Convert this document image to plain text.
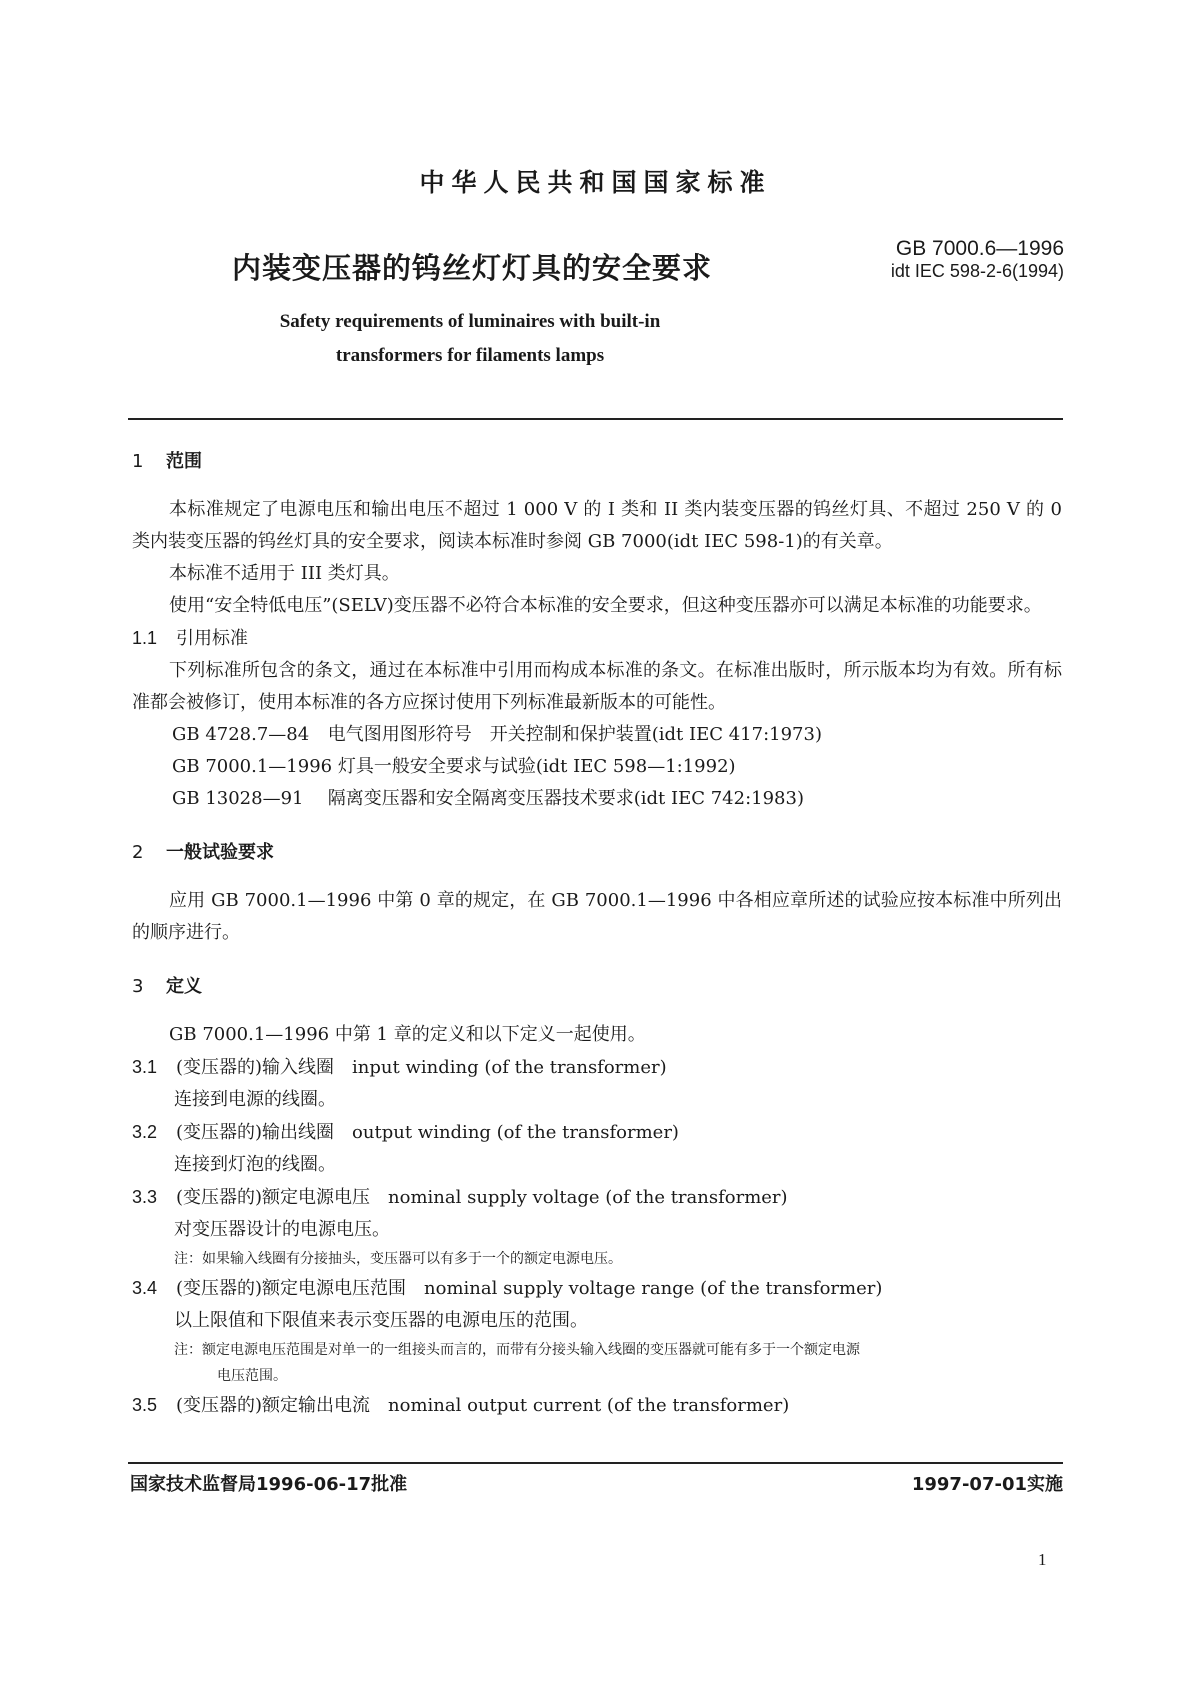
中华人民共和国国家标准
内装变压器的钨丝灯灯具的安全要求
GB 7000.6—1996
idt IEC 598-2-6(1994)
Safety requirements of luminaires with built-in
transformers for filaments lamps
1 范围

本标准规定了电源电压和输出电压不超过 1 000 V 的 I 类和 II 类内装变压器的钨丝灯具、不超过 250 V 的 0 类内装变压器的钨丝灯具的安全要求，阅读本标准时参阅 GB 7000(idt IEC 598-1)的有关章。

本标准不适用于 III 类灯具。

使用“安全特低电压”(SELV)变压器不必符合本标准的安全要求，但这种变压器亦可以满足本标准的功能要求。

1.1 引用标准

下列标准所包含的条文，通过在本标准中引用而构成本标准的条文。在标准出版时，所示版本均为有效。所有标准都会被修订，使用本标准的各方应探讨使用下列标准最新版本的可能性。

GB 4728.7—84 电气图用图形符号　开关控制和保护装置(idt IEC 417:1973)

GB 7000.1—1996 灯具一般安全要求与试验(idt IEC 598—1:1992)

GB 13028—91 隔离变压器和安全隔离变压器技术要求(idt IEC 742:1983)

2 一般试验要求

应用 GB 7000.1—1996 中第 0 章的规定，在 GB 7000.1—1996 中各相应章所述的试验应按本标准中所列出的顺序进行。

3 定义

GB 7000.1—1996 中第 1 章的定义和以下定义一起使用。

3.1 (变压器的)输入线圈 input winding (of the transformer)

连接到电源的线圈。

3.2 (变压器的)输出线圈 output winding (of the transformer)

连接到灯泡的线圈。

3.3 (变压器的)额定电源电压 nominal supply voltage (of the transformer)

对变压器设计的电源电压。

注：如果输入线圈有分接抽头，变压器可以有多于一个的额定电源电压。

3.4 (变压器的)额定电源电压范围 nominal supply voltage range (of the transformer)

以上限值和下限值来表示变压器的电源电压的范围。

注：额定电源电压范围是对单一的一组接头而言的，而带有分接头输入线圈的变压器就可能有多于一个额定电源

电压范围。

3.5 (变压器的)额定输出电流 nominal output current (of the transformer)

国家技术监督局1996-06-17批准	1997-07-01实施
1
